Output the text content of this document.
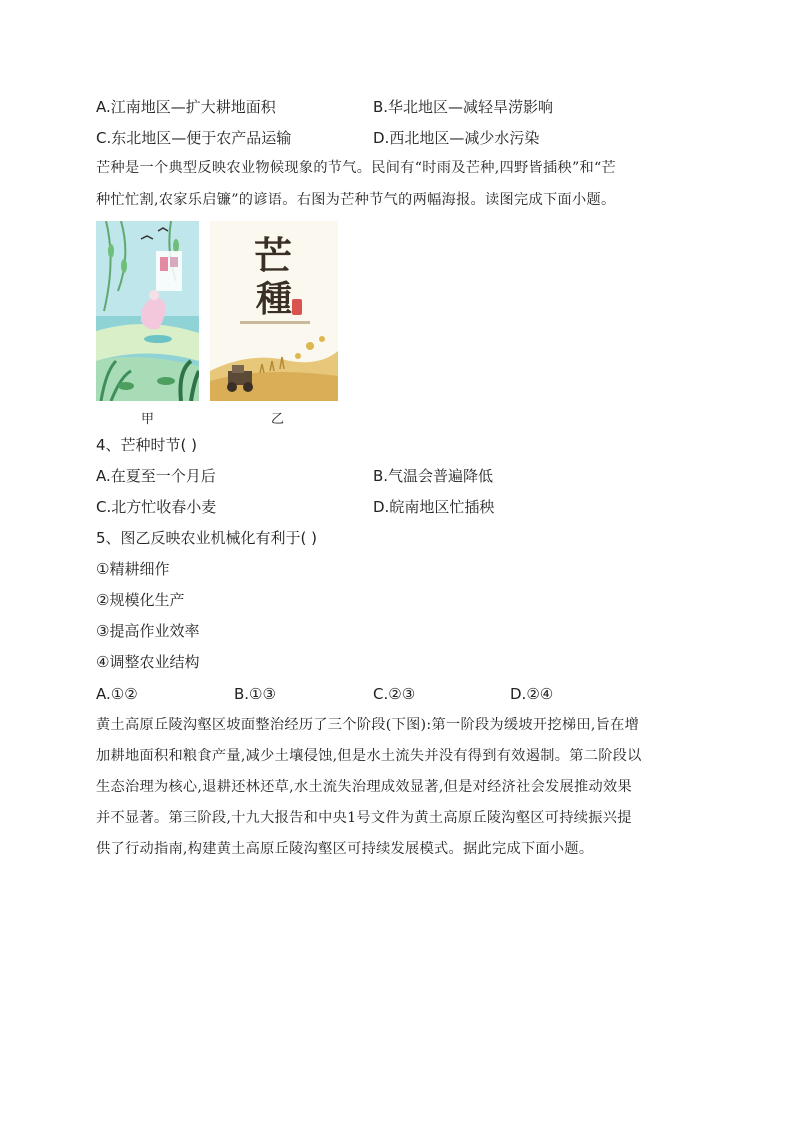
A.江南地区—扩大耕地面积	B.华北地区—减轻旱涝影响
C.东北地区—便于农产品运输	D.西北地区—减少水污染
芒种是一个典型反映农业物候现象的节气。民间有“时雨及芒种,四野皆插秧”和“芒
种忙忙割,农家乐启镰”的谚语。右图为芒种节气的两幅海报。读图完成下面小题。
甲
芒
種
乙
4、芒种时节( )
A.在夏至一个月后	B.气温会普遍降低
C.北方忙收春小麦	D.皖南地区忙插秧
5、图乙反映农业机械化有利于( )
①精耕细作
②规模化生产
③提高作业效率
④调整农业结构
A.①②	B.①③	C.②③	D.②④
黄土高原丘陵沟壑区坡面整治经历了三个阶段(下图):第一阶段为缓坡开挖梯田,旨在增
加耕地面积和粮食产量,减少土壤侵蚀,但是水土流失并没有得到有效遏制。第二阶段以
生态治理为核心,退耕还林还草,水土流失治理成效显著,但是对经济社会发展推动效果
并不显著。第三阶段,十九大报告和中央1号文件为黄土高原丘陵沟壑区可持续振兴提
供了行动指南,构建黄土高原丘陵沟壑区可持续发展模式。据此完成下面小题。
